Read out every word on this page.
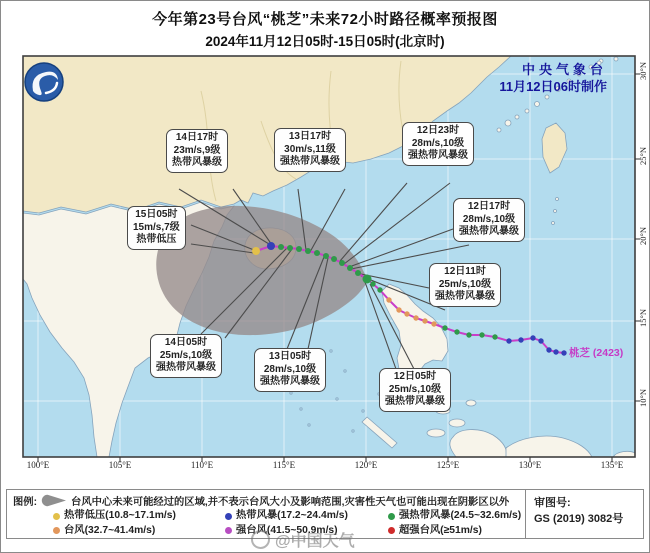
今年第23号台风“桃芝”未来72小时路径概率预报图
2024年11月12日05时-15日05时(北京时)
中央气象台
11月12日06时制作
桃芝 (2423)
14日17时
23m/s,9级
热带风暴级
13日17时
30m/s,11级
强热带风暴级
12日23时
28m/s,10级
强热带风暴级
15日05时
15m/s,7级
热带低压
12日17时
28m/s,10级
强热带风暴级
12日11时
25m/s,10级
强热带风暴级
14日05时
25m/s,10级
强热带风暴级
13日05时
28m/s,10级
强热带风暴级	12日05时
25m/s,10级
强热带风暴级
100°E	105°E	110°E	115°E	120°E	125°E	130°E	135°E
30°N
25°N
20°N
15°N
10°N
图例:	台风中心未来可能经过的区域,并不表示台风大小及影响范围,灾害性天气也可能出现在阴影区以外
热带低压(10.8~17.1m/s)	热带风暴(17.2~24.4m/s)	强热带风暴(24.5~32.6m/s)
台风(32.7~41.4m/s)	强台风(41.5~50.9m/s)	超强台风(≥51m/s)
审图号:
GS (2019) 3082号
@中国天气
